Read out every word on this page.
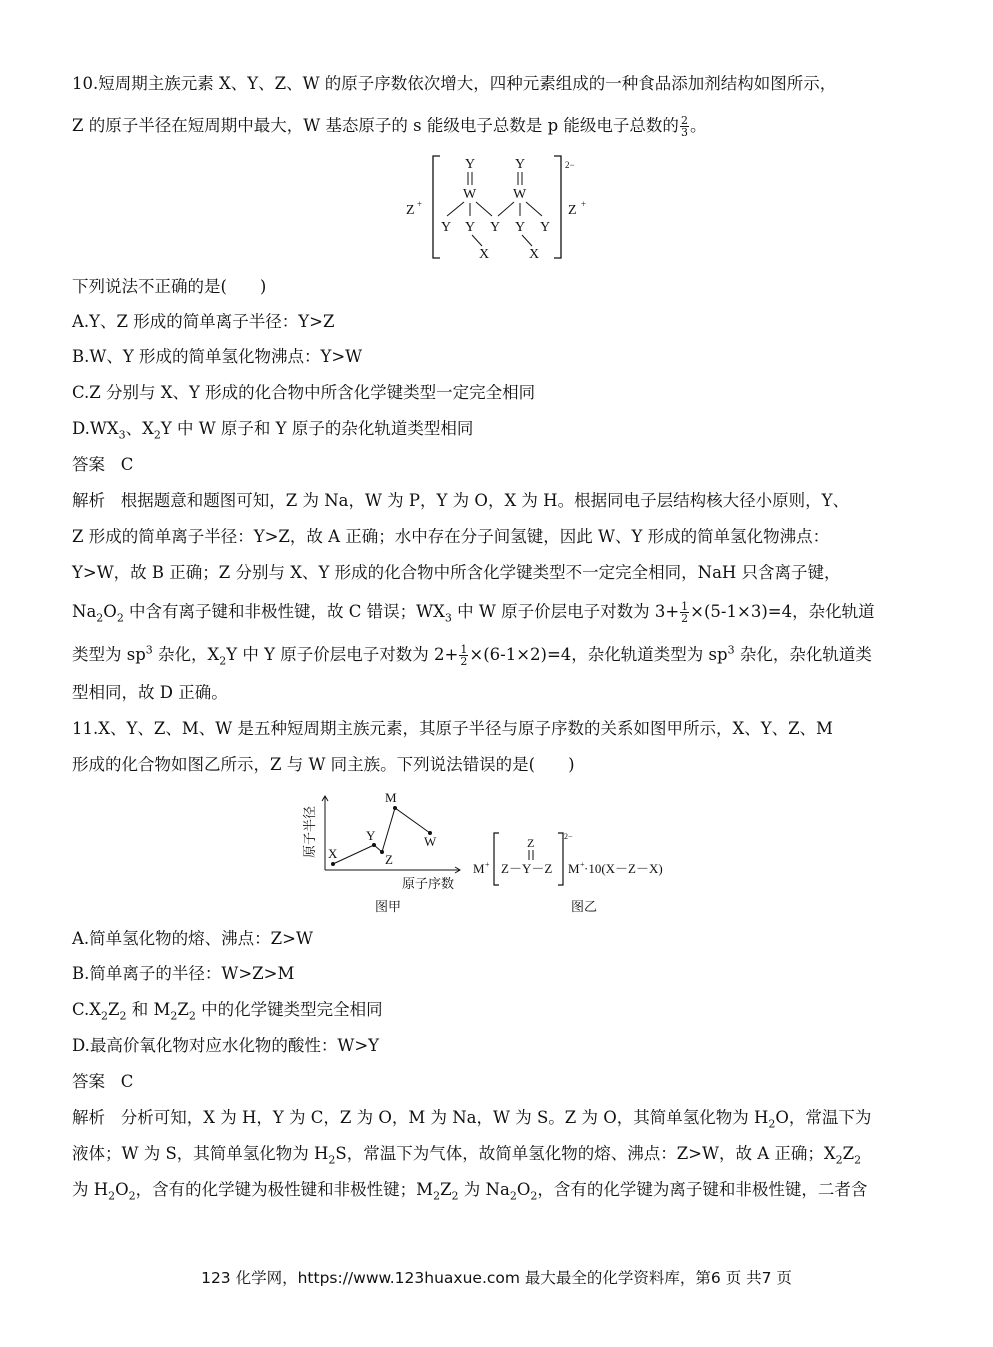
10.短周期主族元素 X、Y、Z、W 的原子序数依次增大，四种元素组成的一种食品添加剂结构如图所示，
Z 的原子半径在短周期中最大，W 基态原子的 s 能级电子总数是 p 能级电子总数的 $\frac{2}{3}$ 。
Z +
2−
Z +
Y	Y
W	W
Y Y Y Y Y
X	X
下列说法不正确的是(　　)
A.Y、Z 形成的简单离子半径：Y>Z
B.W、Y 形成的简单氢化物沸点：Y>W
C.Z 分别与 X、Y 形成的化合物中所含化学键类型一定完全相同
$D.WX_3$、$X_2Y$ 中 W 原子和 Y 原子的杂化轨道类型相同
答案 C
解析 根据题意和题图可知，Z 为 Na，W 为 P，Y 为 O，X 为 H。根据同电子层结构核大径小原则，Y、
Z 形成的简单离子半径：Y>Z，故 A 正确；水中存在分子间氢键，因此 W、Y 形成的简单氢化物沸点：
Y>W，故 B 正确；Z 分别与 X、Y 形成的化合物中所含化学键类型不一定完全相同，NaH 只含离子键，
$Na_2O_2$ 中含有离子键和非极性键，故 C 错误；$WX_3$ 中 W 原子价层电子对数为 $3+ \frac{1}{2} \times(5-1\times 3)=4$，杂化轨道
类型为 $sp^3$ 杂化，$X_2Y$ 中 Y 原子价层电子对数为 $2+ \frac{1}{2} \times(6-1\times 2)=4$，杂化轨道类型为 $sp^3$ 杂化，杂化轨道类
型相同，故 D 正确。
11.X、Y、Z、M、W 是五种短周期主族元素，其原子半径与原子序数的关系如图甲所示，X、Y、Z、M
形成的化合物如图乙所示，Z 与 W 同主族。下列说法错误的是(　　)
原子半径
原子序数
X
Y
Z
M
W
图甲
M +
Z
Z－Y－Z
2−
M + ·10(X－Z－X)
图乙
A.简单氢化物的熔、沸点：Z>W
B.简单离子的半径：W>Z>M
$C.X_2Z_2$ 和 $M_2Z_2$ 中的化学键类型完全相同
D.最高价氧化物对应水化物的酸性：W>Y
答案 C
解析 分析可知，X 为 H，Y 为 C，Z 为 O，M 为 Na，W 为 S。Z 为 O，其简单氢化物为 $H_2O$，常温下为
液体；W 为 S，其简单氢化物为 $H_2S$，常温下为气体，故简单氢化物的熔、沸点：Z>W，故 A 正确；$X_2Z_2$
为 $H_2O_2$，含有的化学键为极性键和非极性键；$M_2Z_2$ 为 $Na_2O_2$，含有的化学键为离子键和非极性键，二者含
123 化学网，https://www.123huaxue.com 最大最全的化学资料库，第6 页 共7 页
